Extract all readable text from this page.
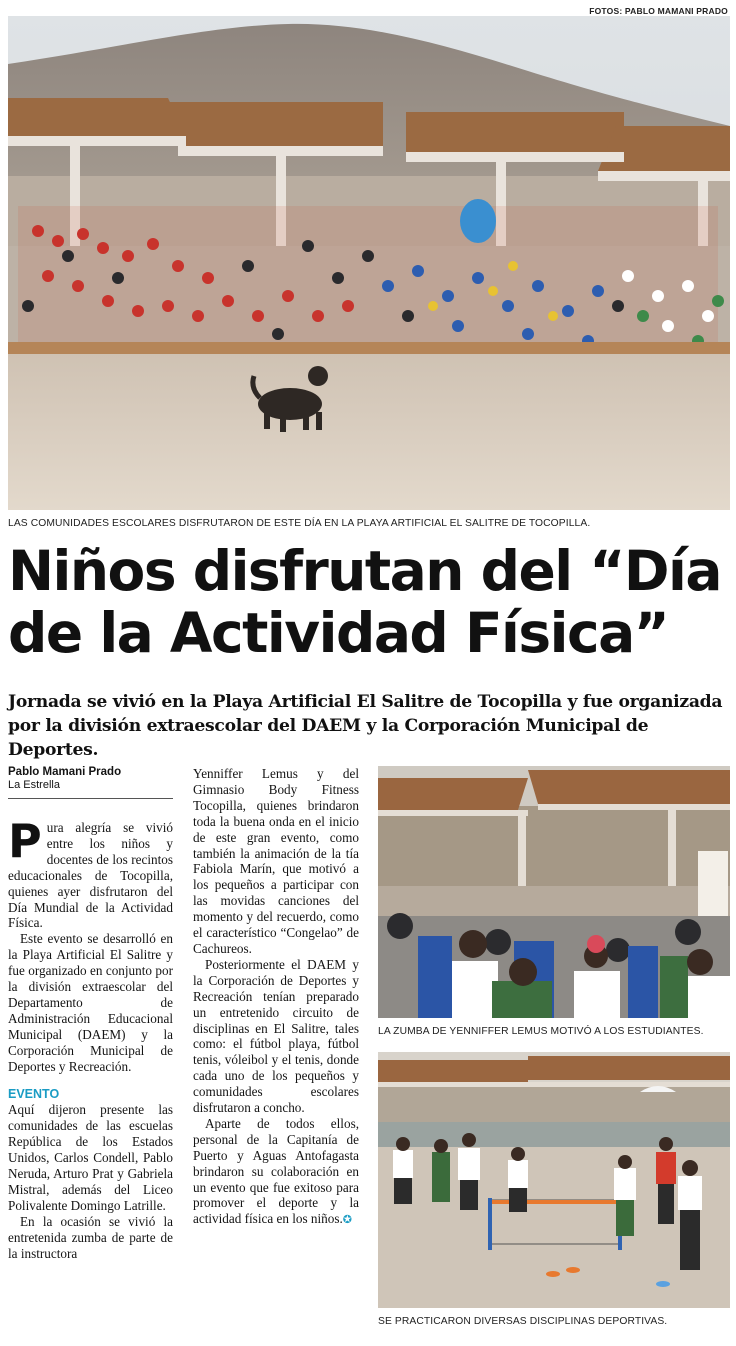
FOTOS: PABLO MAMANI PRADO
LAS COMUNIDADES ESCOLARES DISFRUTARON DE ESTE DÍA EN LA PLAYA ARTIFICIAL EL SALITRE DE TOCOPILLA.
Niños disfrutan del “Día
de la Actividad Física”
Jornada se vivió en la Playa Artificial El Salitre de Tocopilla y fue organizada por la división extraescolar del DAEM y la Corporación Municipal de Deportes.
Pablo Mamani Prado
La Estrella

Pura alegría se vivió entre los niños y docentes de los recintos educacionales de Tocopilla, quienes ayer disfrutaron del Día Mundial de la Actividad Física.

Este evento se desarrolló en la Playa Artificial El Salitre y fue organizado en conjunto por la división extraescolar del Departamento de Administración Educacional Municipal (DAEM) y la Corporación Municipal de Deportes y Recreación.

EVENTO

Aquí dijeron presente las comunidades de las escuelas República de los Estados Unidos, Carlos Condell, Pablo Neruda, Arturo Prat y Gabriela Mistral, además del Liceo Polivalente Domingo Latrille.

En la ocasión se vivió la entretenida zumba de parte de la instructora

Yenniffer Lemus y del Gimnasio Body Fitness Tocopilla, quienes brindaron toda la buena onda en el inicio de este gran evento, como también la animación de la tía Fabiola Marín, que motivó a los pequeños a participar con las movidas canciones del momento y del recuerdo, como el característico “Congelao” de Cachureos.

Posteriormente el DAEM y la Corporación de Deportes y Recreación tenían preparado un entretenido circuito de disciplinas en El Salitre, tales como: el fútbol playa, fútbol tenis, vóleibol y el tenis, donde cada uno de los pequeños y comunidades escolares disfrutaron a concho.

Aparte de todos ellos, personal de la Capitanía de Puerto y Aguas Antofagasta brindaron su colaboración en un evento que fue exitoso para promover el deporte y la actividad física en los niños.✪

LA ZUMBA DE YENNIFFER LEMUS MOTIVÓ A LOS ESTUDIANTES.
SE PRACTICARON DIVERSAS DISCIPLINAS DEPORTIVAS.
